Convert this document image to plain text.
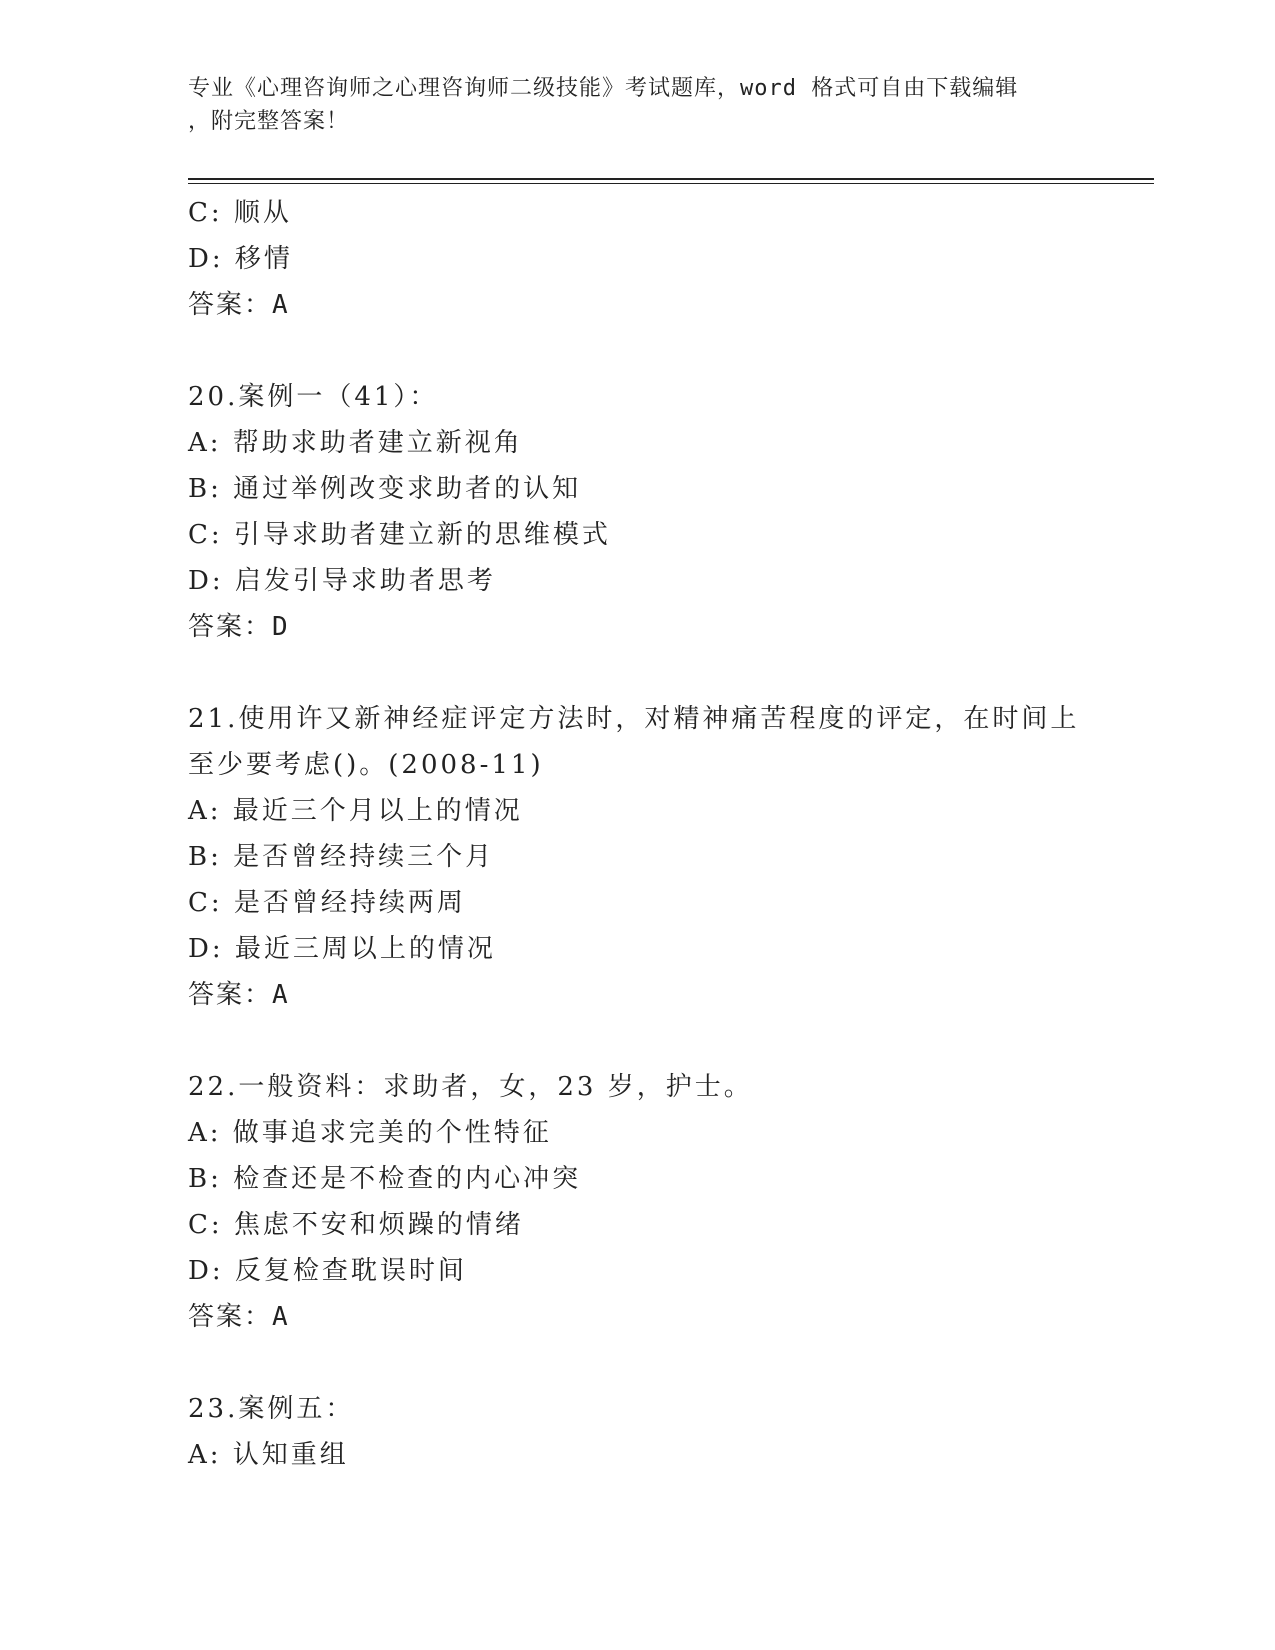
专业《心理咨询师之心理咨询师二级技能》考试题库，word 格式可自由下载编辑
，附完整答案！
C: 顺从
D: 移情
答案：A
20.案例一（41）：
A: 帮助求助者建立新视角
B: 通过举例改变求助者的认知
C: 引导求助者建立新的思维模式
D: 启发引导求助者思考
答案：D
21.使用许又新神经症评定方法时，对精神痛苦程度的评定，在时间上
至少要考虑()。(2008-11)
A: 最近三个月以上的情况
B: 是否曾经持续三个月
C: 是否曾经持续两周
D: 最近三周以上的情况
答案：A
22.一般资料：求助者，女，23 岁，护士。
A: 做事追求完美的个性特征
B: 检查还是不检查的内心冲突
C: 焦虑不安和烦躁的情绪
D: 反复检查耽误时间
答案：A
23.案例五：
A: 认知重组
